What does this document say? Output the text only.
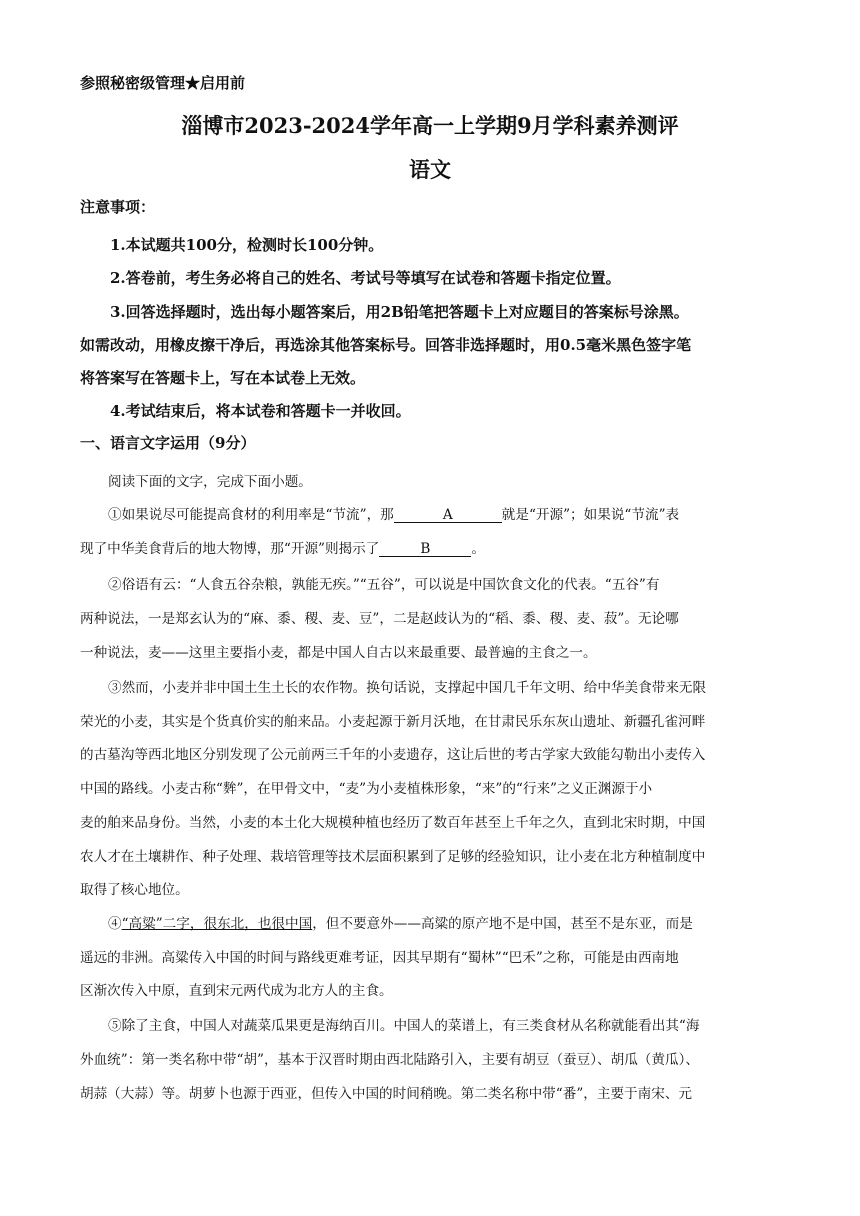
参照秘密级管理★启用前
淄博市2023-2024学年高一上学期9月学科素养测评
语文
注意事项：
1.本试题共100分，检测时长100分钟。
2.答卷前，考生务必将自己的姓名、考试号等填写在试卷和答题卡指定位置。
3.回答选择题时，选出每小题答案后，用2B铅笔把答题卡上对应题目的答案标号涂黑。
如需改动，用橡皮擦干净后，再选涂其他答案标号。回答非选择题时，用0.5毫米黑色签字笔
将答案写在答题卡上，写在本试卷上无效。
4.考试结束后，将本试卷和答题卡一并收回。
一、语言文字运用（9分）
阅读下面的文字，完成下面小题。
①如果说尽可能提高食材的利用率是“节流”，那	A	就是“开源”；如果说“节流”表
现了中华美食背后的地大物博，那“开源”则揭示了	B	。
②俗语有云：“人食五谷杂粮，孰能无疾。”“五谷”，可以说是中国饮食文化的代表。“五谷”有
两种说法，一是郑玄认为的“麻、黍、稷、麦、豆”，二是赵歧认为的“稻、黍、稷、麦、菽”。无论哪
一种说法，麦——这里主要指小麦，都是中国人自古以来最重要、最普遍的主食之一。
③然而，小麦并非中国土生土长的农作物。换句话说，支撑起中国几千年文明、给中华美食带来无限
荣光的小麦，其实是个货真价实的舶来品。小麦起源于新月沃地，在甘肃民乐东灰山遗址、新疆孔雀河畔
的古墓沟等西北地区分别发现了公元前两三千年的小麦遗存，这让后世的考古学家大致能勾勒出小麦传入
中国的路线。小麦古称“麰”，在甲骨文中，“麦”为小麦植株形象，“来”的“行来”之义正渊源于小
麦的舶来品身份。当然，小麦的本土化大规模种植也经历了数百年甚至上千年之久，直到北宋时期，中国
农人才在土壤耕作、种子处理、栽培管理等技术层面积累到了足够的经验知识，让小麦在北方种植制度中
取得了核心地位。
④“高粱”二字，很东北，也很中国，但不要意外——高粱的原产地不是中国，甚至不是东亚，而是
遥远的非洲。高粱传入中国的时间与路线更难考证，因其早期有“蜀林”“巴禾”之称，可能是由西南地
区渐次传入中原，直到宋元两代成为北方人的主食。
⑤除了主食，中国人对蔬菜瓜果更是海纳百川。中国人的菜谱上，有三类食材从名称就能看出其“海
外血统”：第一类名称中带“胡”，基本于汉晋时期由西北陆路引入，主要有胡豆（蚕豆）、胡瓜（黄瓜）、
胡蒜（大蒜）等。胡萝卜也源于西亚，但传入中国的时间稍晚。第二类名称中带“番”，主要于南宋、元
